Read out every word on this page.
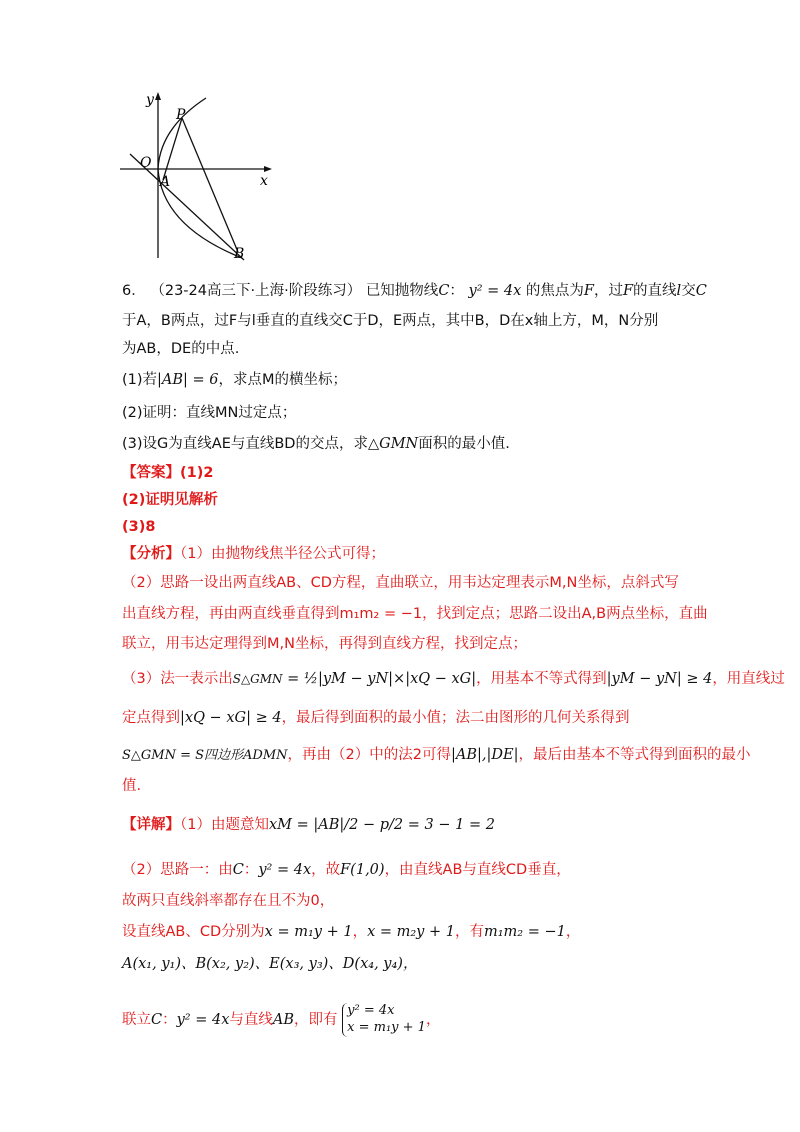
y
x
O
P
A
B
6． （23-24高三下·上海·阶段练习） 已知抛物线C： y² = 4x 的焦点为F，过F的直线l交C
于A，B两点，过F与l垂直的直线交C于D，E两点，其中B，D在x轴上方，M，N分别
为AB，DE的中点.
(1)若|AB| = 6，求点M的横坐标；
(2)证明：直线MN过定点；
(3)设G为直线AE与直线BD的交点，求△GMN面积的最小值.
【答案】(1)2
(2)证明见解析
(3)8
【分析】（1）由抛物线焦半径公式可得；
（2）思路一设出两直线AB、CD方程，直曲联立，用韦达定理表示M,N坐标，点斜式写
出直线方程，再由两直线垂直得到m₁m₂ = −1，找到定点；思路二设出A,B两点坐标，直曲
联立，用韦达定理得到M,N坐标，再得到直线方程，找到定点；
（3）法一表示出S△GMN = ½|yM − yN|×|xQ − xG|，用基本不等式得到|yM − yN| ≥ 4，用直线过
定点得到|xQ − xG| ≥ 4，最后得到面积的最小值；法二由图形的几何关系得到
S△GMN = S四边形ADMN，再由（2）中的法2可得|AB|,|DE|，最后由基本不等式得到面积的最小
值.
【详解】（1）由题意知xM = |AB|/2 − p/2 = 3 − 1 = 2
（2）思路一：由C：y² = 4x，故F(1,0)，由直线AB与直线CD垂直，
故两只直线斜率都存在且不为0，
设直线AB、CD分别为x = m₁y + 1，x = m₂y + 1，有m₁m₂ = −1，
A(x₁, y₁)、B(x₂, y₂)、E(x₃, y₃)、D(x₄, y₄)，
联立C：y² = 4x与直线AB，即有
y² = 4x
x = m₁y + 1 ，
